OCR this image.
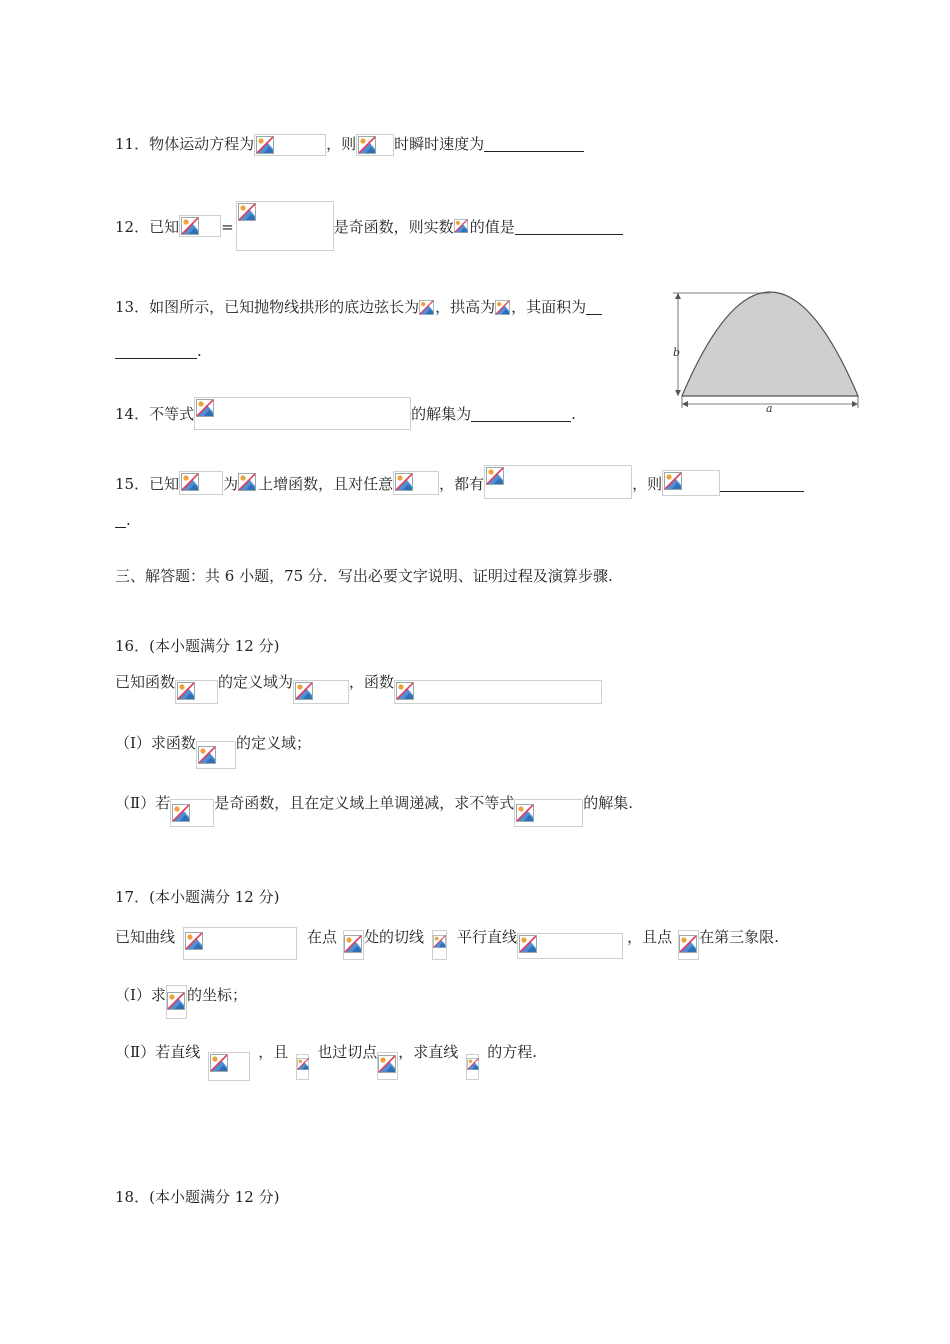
11．物体运动方程为	，则	时瞬时速度为
12．已知	=	是奇函数，则实数 的值是
13．如图所示，已知抛物线拱形的底边弦长为 ，拱高为 ，其面积为
.	b
a
14．不等式	的解集为	.
15．已知	为 上增函数，且对任意	，都有	，则
.
三、解答题：共 6 小题，75 分．写出必要文字说明、证明过程及演算步骤.
16．(本小题满分 12 分)
已知函数	的定义域为	，函数
（Ⅰ）求函数	的定义域；
（Ⅱ）若	是奇函数，且在定义域上单调递减，求不等式	的解集.
17．(本小题满分 12 分)
已知曲线	在点 处的切线 平行直线	，且点 在第三象限.
（Ⅰ）求 的坐标；
（Ⅱ）若直线	，且 也过切点 ，求直线 的方程.
18．(本小题满分 12 分)
